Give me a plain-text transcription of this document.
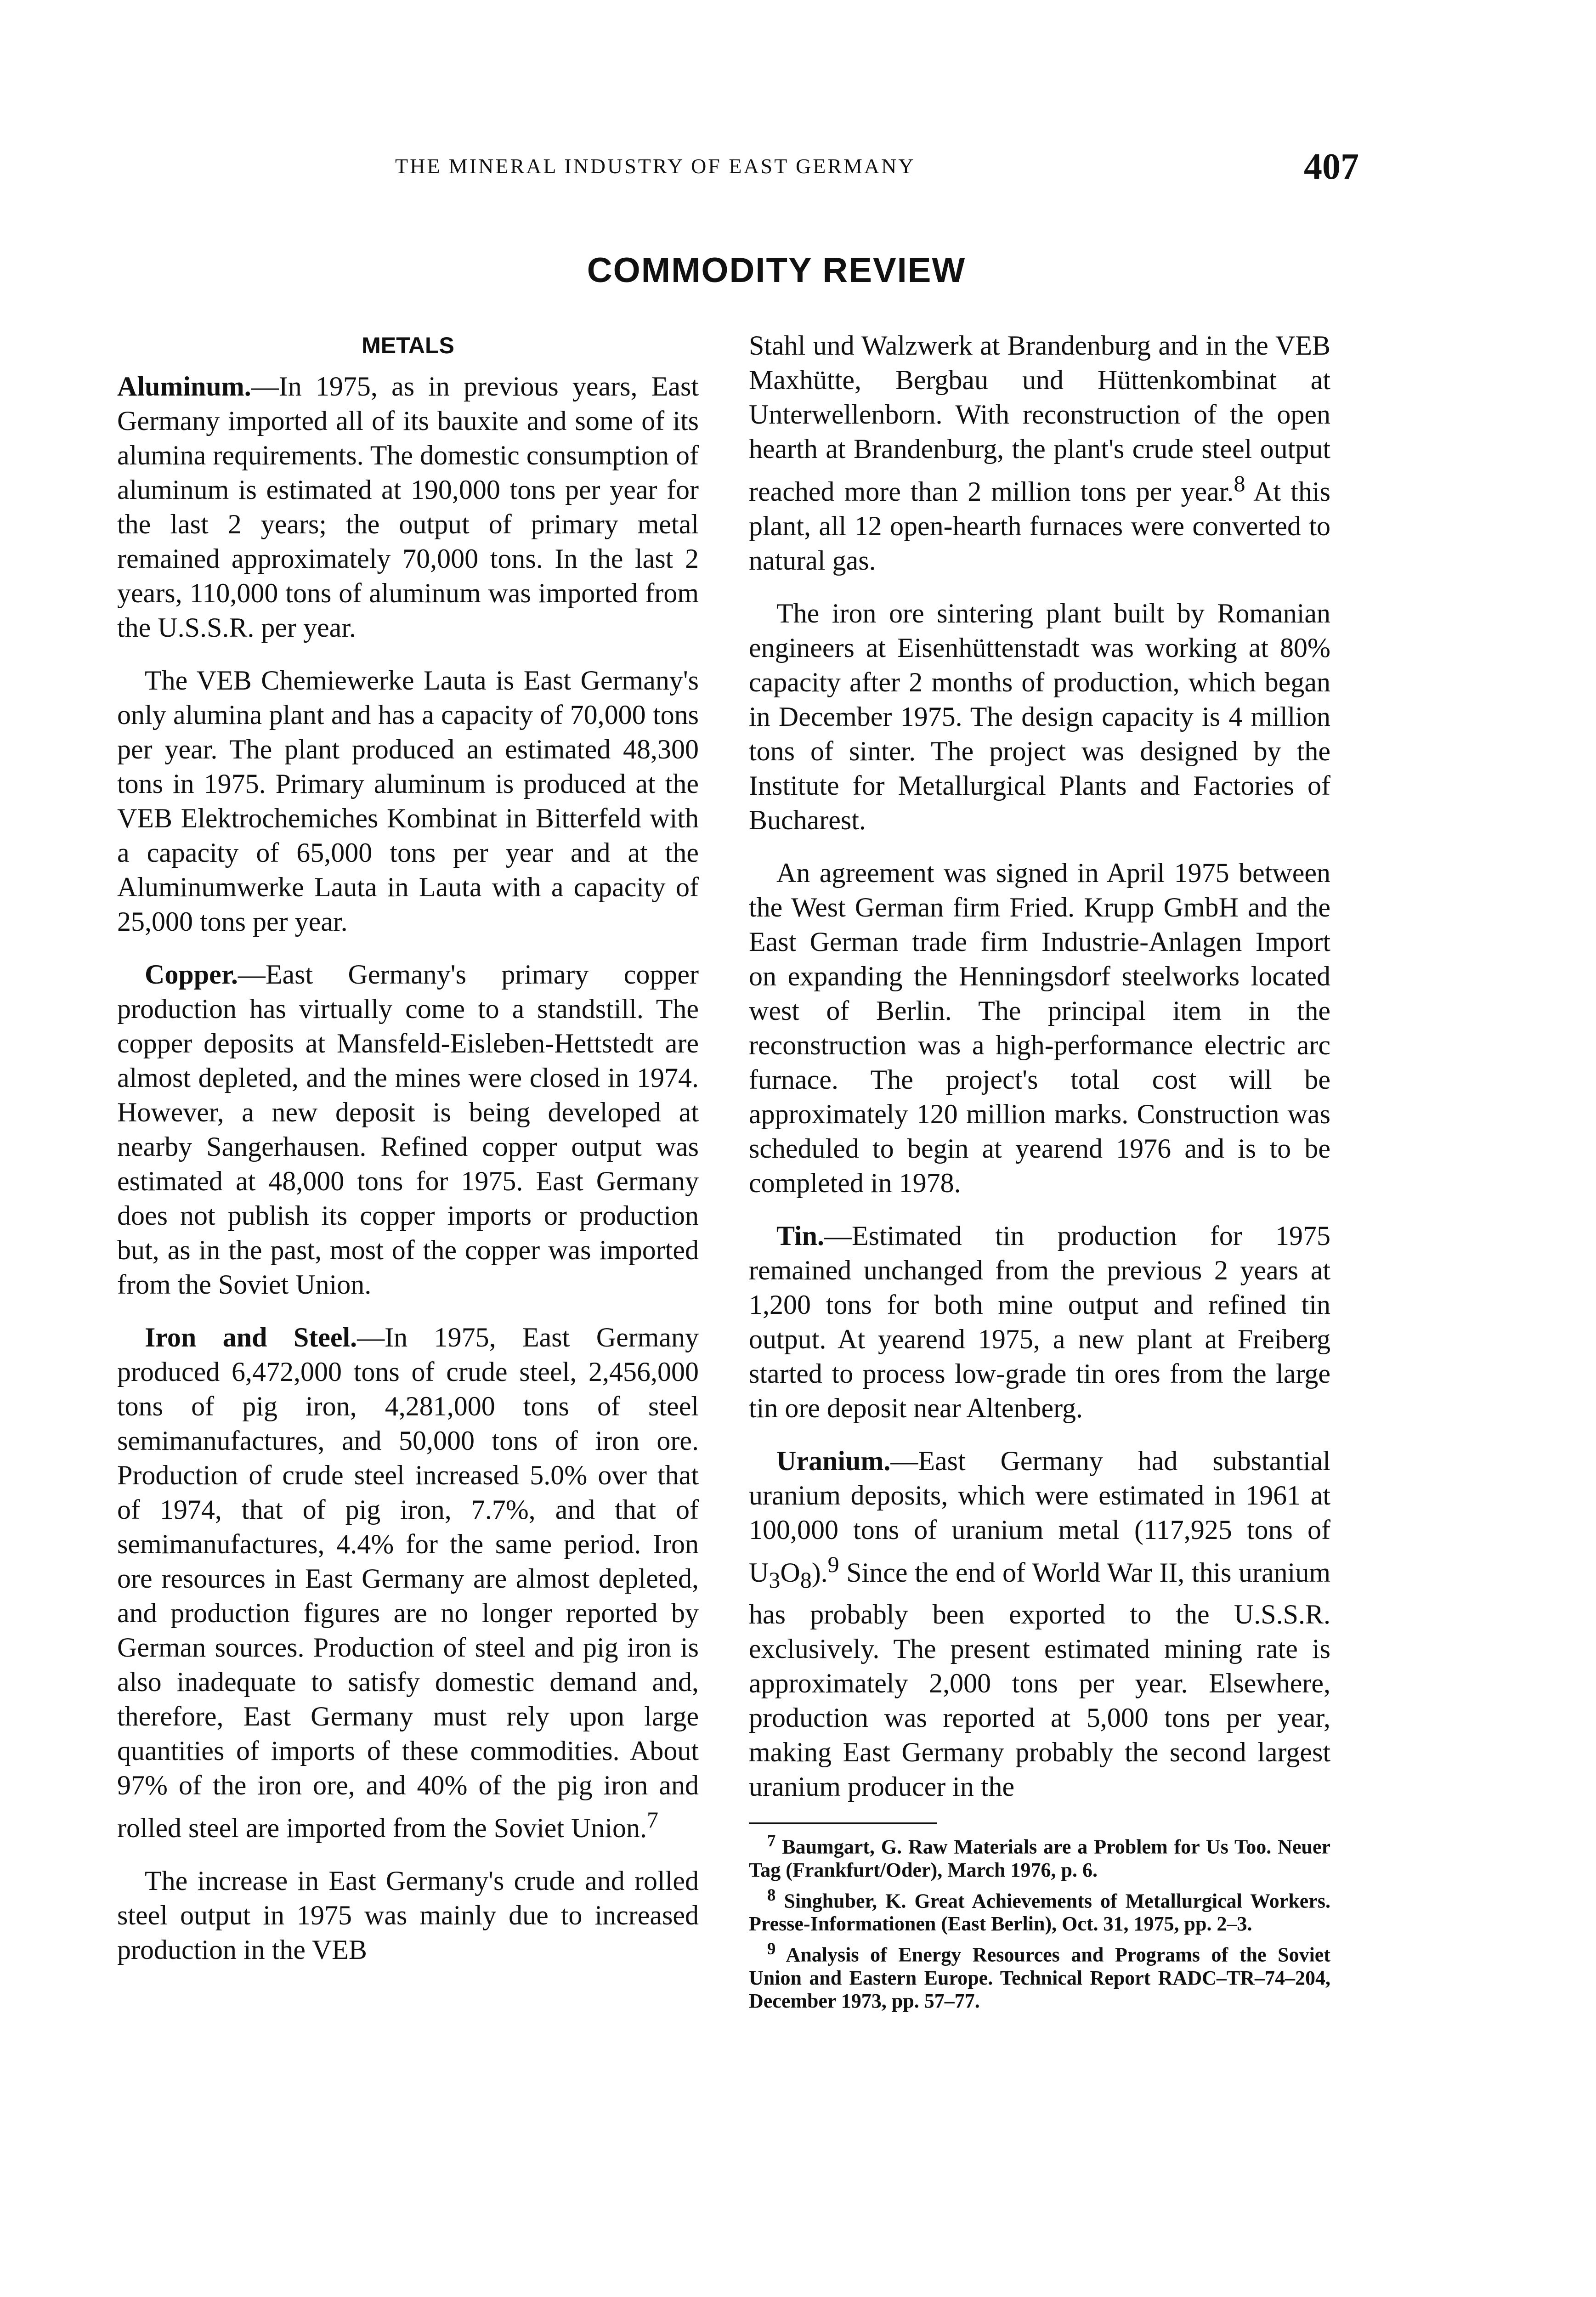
THE MINERAL INDUSTRY OF EAST GERMANY	407
COMMODITY REVIEW
METALS

Aluminum.—In 1975, as in previous years, East Germany imported all of its bauxite and some of its alumina requirements. The domestic consumption of aluminum is estimated at 190,000 tons per year for the last 2 years; the output of primary metal remained approximately 70,000 tons. In the last 2 years, 110,000 tons of aluminum was imported from the U.S.S.R. per year.

The VEB Chemiewerke Lauta is East Germany's only alumina plant and has a capacity of 70,000 tons per year. The plant produced an estimated 48,300 tons in 1975. Primary aluminum is produced at the VEB Elektrochemiches Kombinat in Bitterfeld with a capacity of 65,000 tons per year and at the Aluminumwerke Lauta in Lauta with a capacity of 25,000 tons per year.

Copper.—East Germany's primary copper production has virtually come to a standstill. The copper deposits at Mansfeld-Eisleben-Hettstedt are almost depleted, and the mines were closed in 1974. However, a new deposit is being developed at nearby Sangerhausen. Refined copper output was estimated at 48,000 tons for 1975. East Germany does not publish its copper imports or production but, as in the past, most of the copper was imported from the Soviet Union.

Iron and Steel.—In 1975, East Germany produced 6,472,000 tons of crude steel, 2,456,000 tons of pig iron, 4,281,000 tons of steel semimanufactures, and 50,000 tons of iron ore. Production of crude steel increased 5.0% over that of 1974, that of pig iron, 7.7%, and that of semimanufactures, 4.4% for the same period. Iron ore resources in East Germany are almost depleted, and production figures are no longer reported by German sources. Production of steel and pig iron is also inadequate to satisfy domestic demand and, therefore, East Germany must rely upon large quantities of imports of these commodities. About 97% of the iron ore, and 40% of the pig iron and rolled steel are imported from the Soviet Union.$^7$

The increase in East Germany's crude and rolled steel output in 1975 was mainly due to increased production in the VEB

Stahl und Walzwerk at Brandenburg and in the VEB Maxhütte, Bergbau und Hüttenkombinat at Unterwellenborn. With reconstruction of the open hearth at Brandenburg, the plant's crude steel output reached more than 2 million tons per year.$^8$ At this plant, all 12 open-hearth furnaces were converted to natural gas.

The iron ore sintering plant built by Romanian engineers at Eisenhüttenstadt was working at 80% capacity after 2 months of production, which began in December 1975. The design capacity is 4 million tons of sinter. The project was designed by the Institute for Metallurgical Plants and Factories of Bucharest.

An agreement was signed in April 1975 between the West German firm Fried. Krupp GmbH and the East German trade firm Industrie-Anlagen Import on expanding the Henningsdorf steelworks located west of Berlin. The principal item in the reconstruction was a high-performance electric arc furnace. The project's total cost will be approximately 120 million marks. Construction was scheduled to begin at yearend 1976 and is to be completed in 1978.

Tin.—Estimated tin production for 1975 remained unchanged from the previous 2 years at 1,200 tons for both mine output and refined tin output. At yearend 1975, a new plant at Freiberg started to process low-grade tin ores from the large tin ore deposit near Altenberg.

Uranium.—East Germany had substantial uranium deposits, which were estimated in 1961 at 100,000 tons of uranium metal (117,925 tons of $U_3O_8).^9$ Since the end of World War II, this uranium has probably been exported to the U.S.S.R. exclusively. The present estimated mining rate is approximately 2,000 tons per year. Elsewhere, production was reported at 5,000 tons per year, making East Germany probably the second largest uranium producer in the

$^7$ Baumgart, G. Raw Materials are a Problem for Us Too. Neuer Tag (Frankfurt/Oder), March 1976, p. 6.
$^8$ Singhuber, K. Great Achievements of Metallurgical Workers. Presse-Informationen (East Berlin), Oct. 31, 1975, pp. 2–3.
$^9$ Analysis of Energy Resources and Programs of the Soviet Union and Eastern Europe. Technical Report RADC–TR–74–204, December 1973, pp. 57–77.
